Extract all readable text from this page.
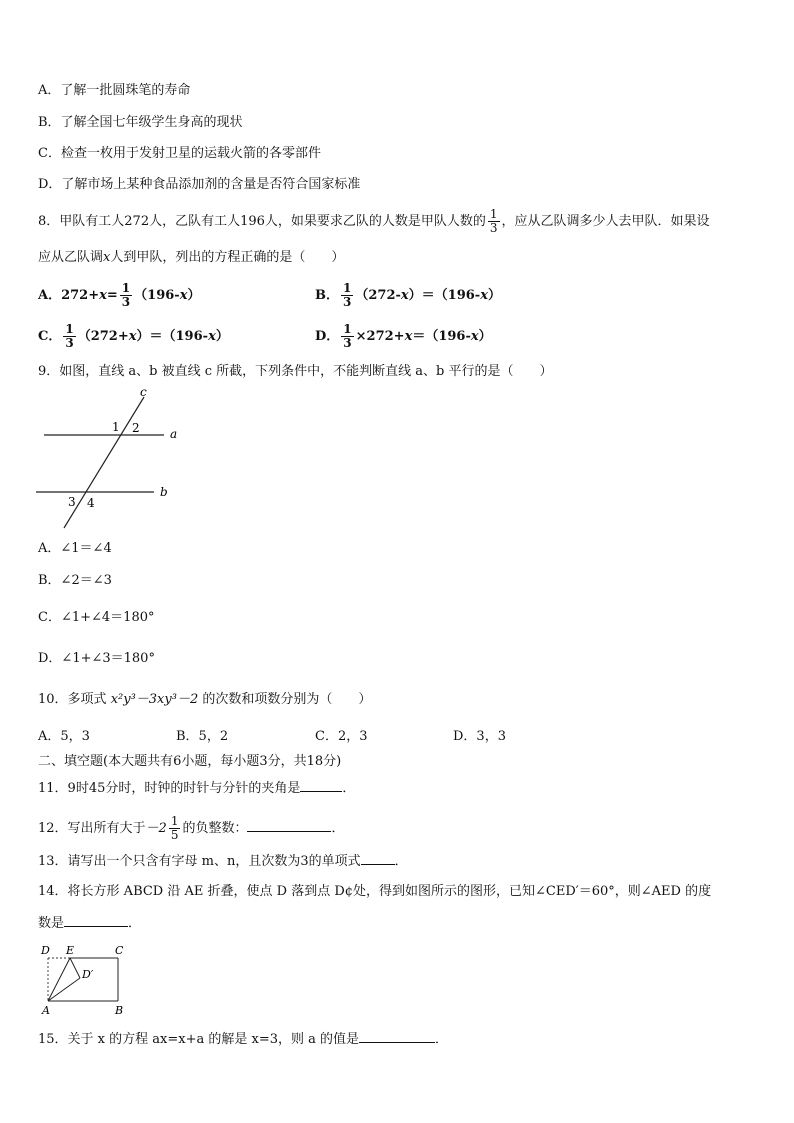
A．了解一批圆珠笔的寿命
B．了解全国七年级学生身高的现状
C．检查一枚用于发射卫星的运载火箭的各零部件
D．了解市场上某种食品添加剂的含量是否符合国家标准
8．甲队有工人272人，乙队有工人196人，如果要求乙队的人数是甲队人数的 $\frac{1}{3}$ ，应从乙队调多少人去甲队．如果设
应从乙队调x人到甲队，列出的方程正确的是（　　）
A．$272+x= \frac{1}{3} (196-x)$	B． $\frac{1}{3} (272-x)=(196-x)$
C． $\frac{1}{3} (272+x)=(196-x)$	D． $\frac{1}{3} \times 272+x=(196-x)$
9．如图，直线 a、b 被直线 c 所截，下列条件中，不能判断直线 a、b 平行的是（　　）
c
a
b
1 2
3 4
A．∠1＝∠4
B．∠2＝∠3
C．∠1+∠4＝180°
D．∠1+∠3＝180°
10．多项式 x²y³－3xy³－2 的次数和项数分别为（　　）
A．5，3	B．5，2	C．2，3	D．3，3
二、填空题(本大题共有6小题，每小题3分，共18分)
11．9时45分时，时钟的时针与分针的夹角是	．
12．写出所有大于$-2 \frac{1}{5}$ 的负整数：	．
13．请写出一个只含有字母 m、n，且次数为3的单项式	．
14．将长方形 ABCD 沿 AE 折叠，使点 D 落到点 D¢处，得到如图所示的图形，已知∠CED′＝60°，则∠AED 的度
数是	．
D E	C
D′
A	B
15．关于 x 的方程 ax=x+a 的解是 x=3，则 a 的值是	．
